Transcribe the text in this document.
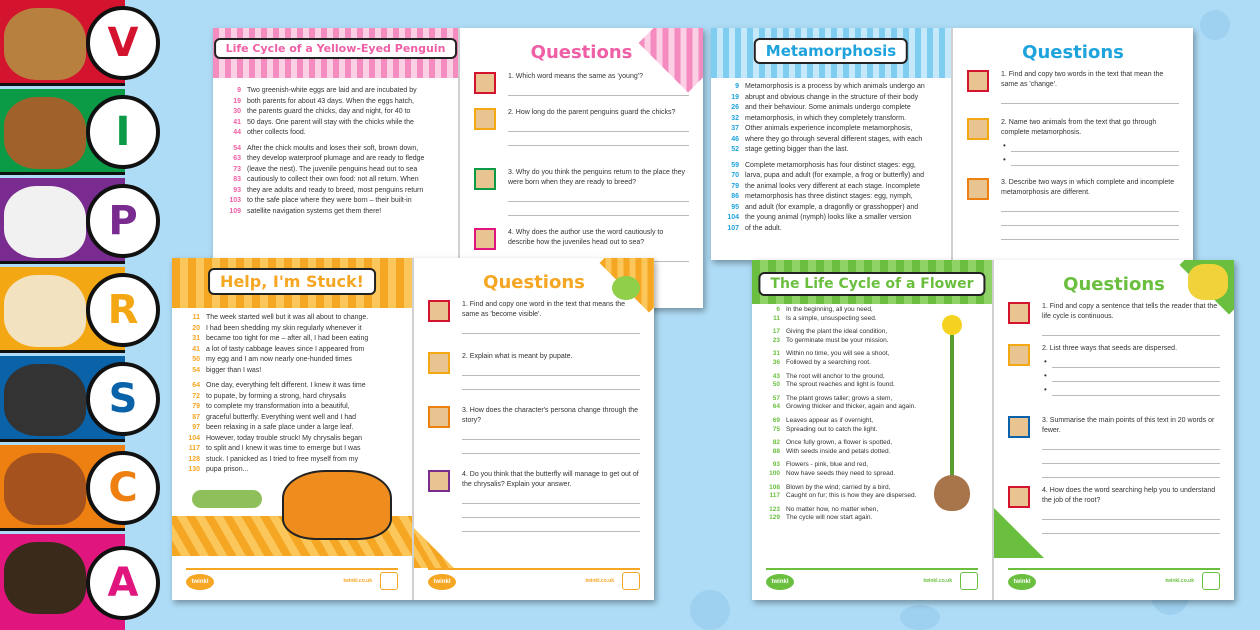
V
I
P
R
S
C
A
Life Cycle of a Yellow-Eyed Penguin
9 Two greenish-white eggs are laid and are incubated by
19 both parents for about 43 days. When the eggs hatch,
30 the parents guard the chicks, day and night, for 40 to
41 50 days. One parent will stay with the chicks while the
44 other collects food.
54 After the chick moults and loses their soft, brown down,
63 they develop waterproof plumage and are ready to fledge
73 (leave the nest). The juvenile penguins head out to sea
83 cautiously to collect their own food: not all return. When
93 they are adults and ready to breed, most penguins return
103 to the safe place where they were born – their built-in
109 satellite navigation systems get them there!
Questions
1. Which word means the same as 'young'?
2. How long do the parent penguins guard the chicks?
3. Why do you think the penguins return to the place they were born when they are ready to breed?
4. Why does the author use the word cautiously to describe how the juveniles head out to sea?
Metamorphosis
9 Metamorphosis is a process by which animals undergo an
19 abrupt and obvious change in the structure of their body
26 and their behaviour. Some animals undergo complete
32 metamorphosis, in which they completely transform.
37 Other animals experience incomplete metamorphosis,
46 where they go through several different stages, with each
52 stage getting bigger than the last.
59 Complete metamorphosis has four distinct stages: egg,
70 larva, pupa and adult (for example, a frog or butterfly) and
79 the animal looks very different at each stage. Incomplete
86 metamorphosis has three distinct stages: egg, nymph,
95 and adult (for example, a dragonfly or grasshopper) and
104 the young animal (nymph) looks like a smaller version
107 of the adult.
Questions
1. Find and copy two words in the text that mean the same as 'change'.
2. Name two animals from the text that go through complete metamorphosis.
•
•
3. Describe two ways in which complete and incomplete metamorphosis are different.
Help, I'm Stuck!
11 The week started well but it was all about to change.
20 I had been shedding my skin regularly whenever it
31 became too tight for me – after all, I had been eating
41 a lot of tasty cabbage leaves since I appeared from
50 my egg and I am now nearly one-hunded times
54 bigger than I was!
64 One day, everything felt different. I knew it was time
72 to pupate, by forming a strong, hard chrysalis
79 to complete my transformation into a beautiful,
87 graceful butterfly. Everything went well and I had
97 been relaxing in a safe place under a large leaf.
104 However, today trouble struck! My chrysalis began
117 to split and I knew it was time to emerge but I was
128 stuck. I panicked as I tried to free myself from my
130 pupa prison...
twinkl	twinkl.co.uk
Questions
1. Find and copy one word in the text that means the same as 'become visible'.
2. Explain what is meant by pupate.
3. How does the character's persona change through the story?
4. Do you think that the butterfly will manage to get out of the chrysalis? Explain your answer.
twinkl	twinkl.co.uk
The Life Cycle of a Flower
6 In the beginning, all you need,
11 Is a simple, unsuspecting seed.
17 Giving the plant the ideal condition,
23 To germinate must be your mission.
31 Within no time, you will see a shoot,
36 Followed by a searching root.
43 The root will anchor to the ground,
50 The sprout reaches and light is found.
57 The plant grows taller; grows a stem,
64 Growing thicker and thicker, again and again.
69 Leaves appear as if overnight,
75 Spreading out to catch the light.
82 Once fully grown, a flower is spotted,
88 With seeds inside and petals dotted.
93 Flowers - pink, blue and red,
100 Now have seeds they need to spread.
108 Blown by the wind; carried by a bird,
117 Caught on fur; this is how they are dispersed.
123 No matter how, no matter when,
129 The cycle will now start again.
twinkl	twinkl.co.uk
Questions
1. Find and copy a sentence that tells the reader that the life cycle is continuous.
2. List three ways that seeds are dispersed.
•
•
•
3. Summarise the main points of this text in 20 words or fewer.
4. How does the word searching help you to understand the job of the root?
twinkl	twinkl.co.uk
